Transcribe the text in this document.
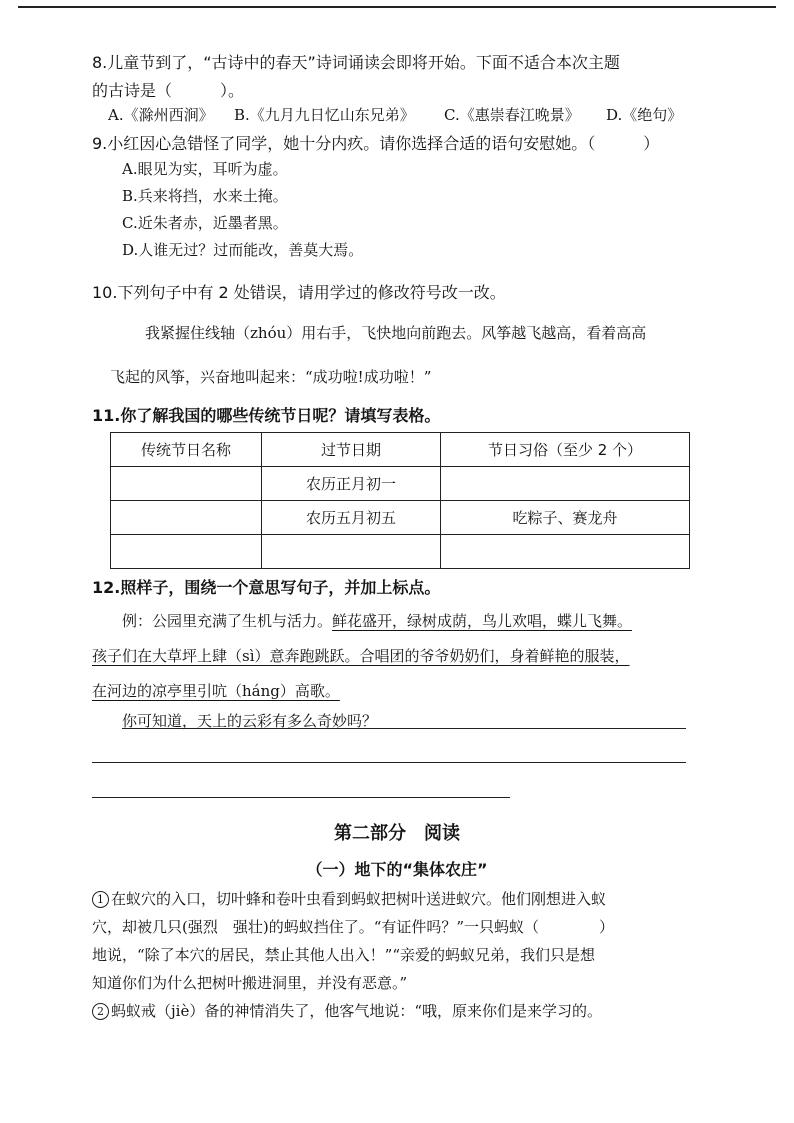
8.儿童节到了，“古诗中的春天”诗词诵读会即将开始。下面不适合本次主题
的古诗是（　　　）。
A.《滁州西涧》 B.《九月九日忆山东兄弟》 C.《惠崇春江晚景》 D.《绝句》
9.小红因心急错怪了同学，她十分内疚。请你选择合适的语句安慰她。（　　　）
A.眼见为实，耳听为虚。
B.兵来将挡，水来土掩。
C.近朱者赤，近墨者黑。
D.人谁无过？过而能改，善莫大焉。
10.下列句子中有 2 处错误，请用学过的修改符号改一改。
我紧握住线轴（zhóu）用右手，飞快地向前跑去。风筝越飞越高，看着高高
飞起的风筝，兴奋地叫起来：“成功啦!成功啦！”
11.你了解我国的哪些传统节日呢？请填写表格。
传统节日名称	过节日期	节日习俗（至少 2 个）
	农历正月初一	
	农历五月初五	吃粽子、赛龙舟

12.照样子，围绕一个意思写句子，并加上标点。
例：公园里充满了生机与活力。鲜花盛开，绿树成荫，鸟儿欢唱，蝶儿飞舞。
孩子们在大草坪上肆（sì）意奔跑跳跃。合唱团的爷爷奶奶们，身着鲜艳的服装，
在河边的凉亭里引吭（háng）高歌。
你可知道，天上的云彩有多么奇妙吗？
第二部分　阅读
（一）地下的“集体农庄”
1 在蚁穴的入口，切叶蜂和卷叶虫看到蚂蚁把树叶送进蚁穴。他们刚想进入蚁
穴，却被几只(强烈　强壮)的蚂蚁挡住了。“有证件吗？”一只蚂蚁（　　　　）
地说，“除了本穴的居民，禁止其他人出入！”“亲爱的蚂蚁兄弟，我们只是想
知道你们为什么把树叶搬进洞里，并没有恶意。”
2 蚂蚁戒（jiè）备的神情消失了，他客气地说：“哦，原来你们是来学习的。
